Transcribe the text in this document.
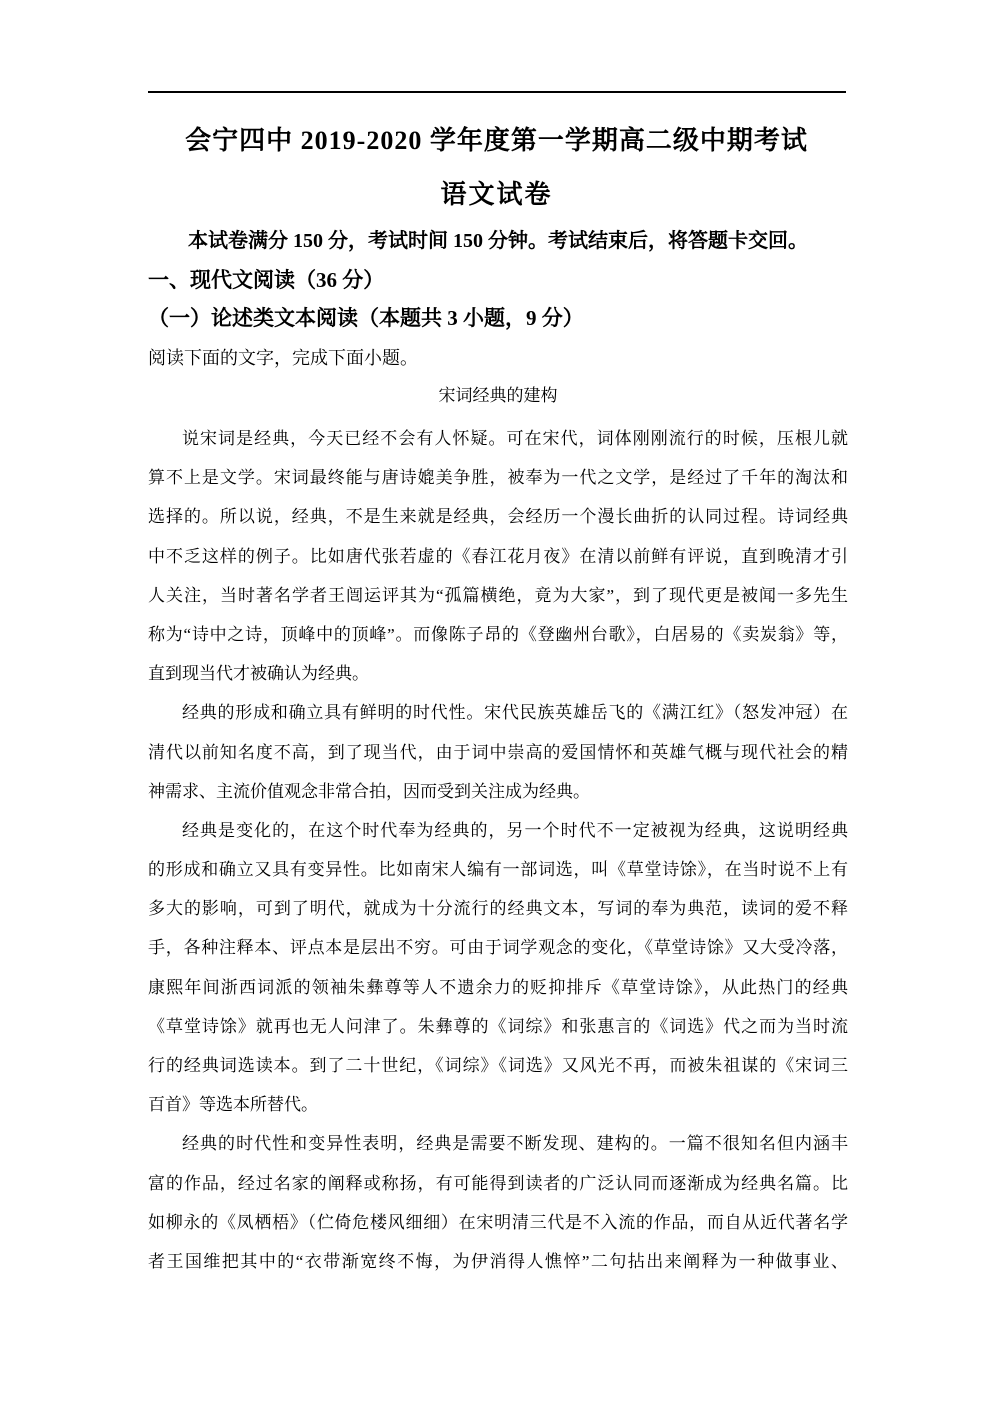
会宁四中 2019-2020 学年度第一学期高二级中期考试
语文试卷
本试卷满分 150 分，考试时间 150 分钟。考试结束后，将答题卡交回。
一、现代文阅读（36 分）
（一）论述类文本阅读（本题共 3 小题，9 分）
阅读下面的文字，完成下面小题。
宋词经典的建构
说宋词是经典，今天已经不会有人怀疑。可在宋代，词体刚刚流行的时候，压根儿就
算不上是文学。宋词最终能与唐诗媲美争胜，被奉为一代之文学，是经过了千年的淘汰和
选择的。所以说，经典，不是生来就是经典，会经历一个漫长曲折的认同过程。诗词经典
中不乏这样的例子。比如唐代张若虚的《春江花月夜》在清以前鲜有评说，直到晚清才引
人关注，当时著名学者王闿运评其为“孤篇横绝，竟为大家”，到了现代更是被闻一多先生
称为“诗中之诗，顶峰中的顶峰”。而像陈子昂的《登幽州台歌》，白居易的《卖炭翁》等，
直到现当代才被确认为经典。
经典的形成和确立具有鲜明的时代性。宋代民族英雄岳飞的《满江红》（怒发冲冠）在
清代以前知名度不高，到了现当代，由于词中崇高的爱国情怀和英雄气概与现代社会的精
神需求、主流价值观念非常合拍，因而受到关注成为经典。
经典是变化的，在这个时代奉为经典的，另一个时代不一定被视为经典，这说明经典
的形成和确立又具有变异性。比如南宋人编有一部词选，叫《草堂诗馀》，在当时说不上有
多大的影响，可到了明代，就成为十分流行的经典文本，写词的奉为典范，读词的爱不释
手，各种注释本、评点本是层出不穷。可由于词学观念的变化，《草堂诗馀》又大受冷落，
康熙年间浙西词派的领袖朱彝尊等人不遗余力的贬抑排斥《草堂诗馀》，从此热门的经典
《草堂诗馀》就再也无人问津了。朱彝尊的《词综》和张惠言的《词选》代之而为当时流
行的经典词选读本。到了二十世纪，《词综》《词选》又风光不再，而被朱祖谋的《宋词三
百首》等选本所替代。
经典的时代性和变异性表明，经典是需要不断发现、建构的。一篇不很知名但内涵丰
富的作品，经过名家的阐释或称扬，有可能得到读者的广泛认同而逐渐成为经典名篇。比
如柳永的《凤栖梧》（伫倚危楼风细细）在宋明清三代是不入流的作品，而自从近代著名学
者王国维把其中的“衣带渐宽终不悔，为伊消得人憔悴”二句拈出来阐释为一种做事业、
